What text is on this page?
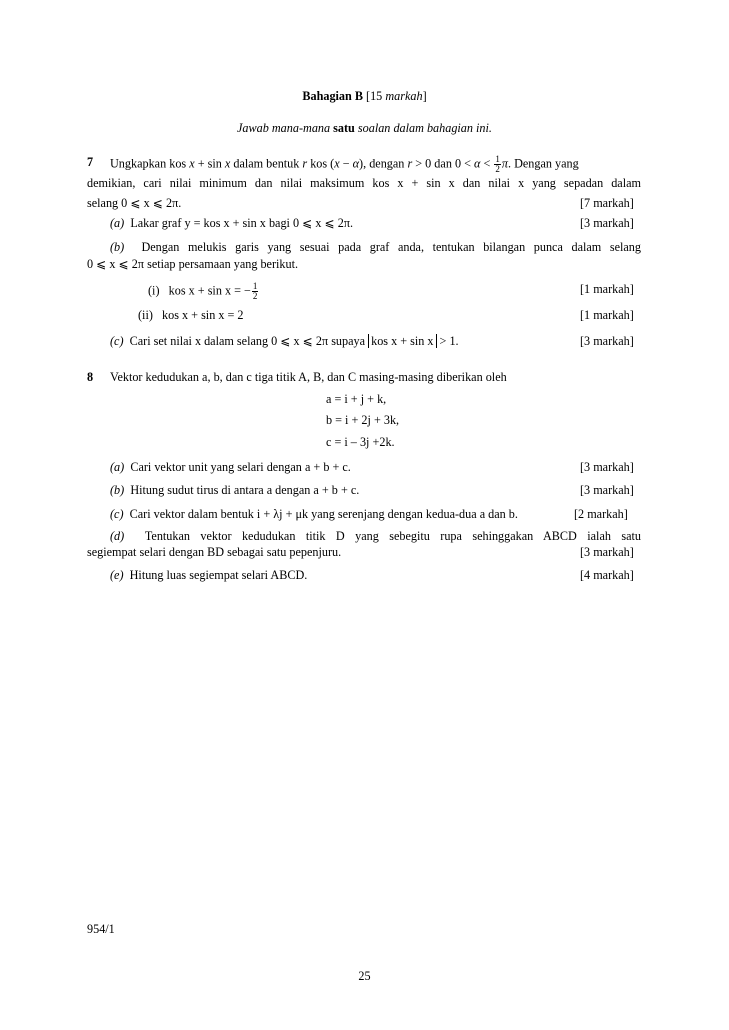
Bahagian B [15 markah]
Jawab mana-mana satu soalan dalam bahagian ini.
7 Ungkapkan kos x + sin x dalam bentuk r kos (x − α), dengan r > 0 dan $0 < \alpha < \frac{1}{2} \pi$. Dengan yang
demikian, cari nilai minimum dan nilai maksimum kos x + sin x dan nilai x yang sepadan dalam
selang 0 ⩽ x ⩽ 2π.	[7 markah]
(a) Lakar graf y = kos x + sin x bagi 0 ⩽ x ⩽ 2π.	[3 markah]
(b) Dengan melukis garis yang sesuai pada graf anda, tentukan bilangan punca dalam selang
0 ⩽ x ⩽ 2π setiap persamaan yang berikut.
(i) kos x + sin x = − $\frac{1}{2}$	[1 markah]
(ii) kos x + sin x = 2	[1 markah]
(c) Cari set nilai x dalam selang 0 ⩽ x ⩽ 2π supaya kos x + sin x > 1.	[3 markah]
8 Vektor kedudukan a, b, dan c tiga titik A, B, dan C masing-masing diberikan oleh
a = i + j + k,
b = i + 2j + 3k,
c = i – 3j +2k.
(a) Cari vektor unit yang selari dengan a + b + c.	[3 markah]
(b) Hitung sudut tirus di antara a dengan a + b + c.	[3 markah]
(c) Cari vektor dalam bentuk i + λj + μk yang serenjang dengan kedua-dua a dan b.	[2 markah]
(d) Tentukan vektor kedudukan titik D yang sebegitu rupa sehinggakan ABCD ialah satu
segiempat selari dengan BD sebagai satu pepenjuru.	[3 markah]
(e) Hitung luas segiempat selari ABCD.	[4 markah]
954/1
25
